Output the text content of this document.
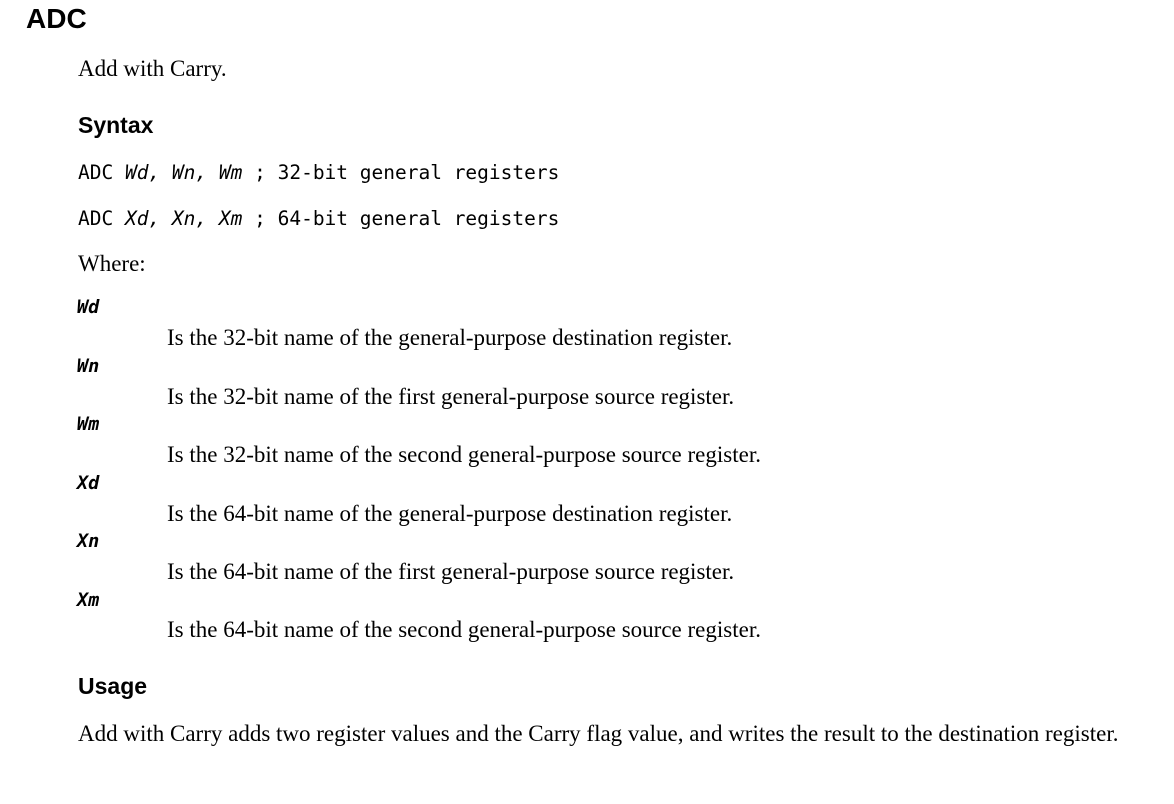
ADC

Add with Carry.

Syntax
ADC Wd, Wn, Wm ; 32-bit general registers
ADC Xd, Xn, Xm ; 64-bit general registers

Where:

Wd
Is the 32-bit name of the general-purpose destination register.
Wn
Is the 32-bit name of the first general-purpose source register.
Wm
Is the 32-bit name of the second general-purpose source register.
Xd
Is the 64-bit name of the general-purpose destination register.
Xn
Is the 64-bit name of the first general-purpose source register.
Xm
Is the 64-bit name of the second general-purpose source register.
Usage

Add with Carry adds two register values and the Carry flag value, and writes the result to the destination register.
